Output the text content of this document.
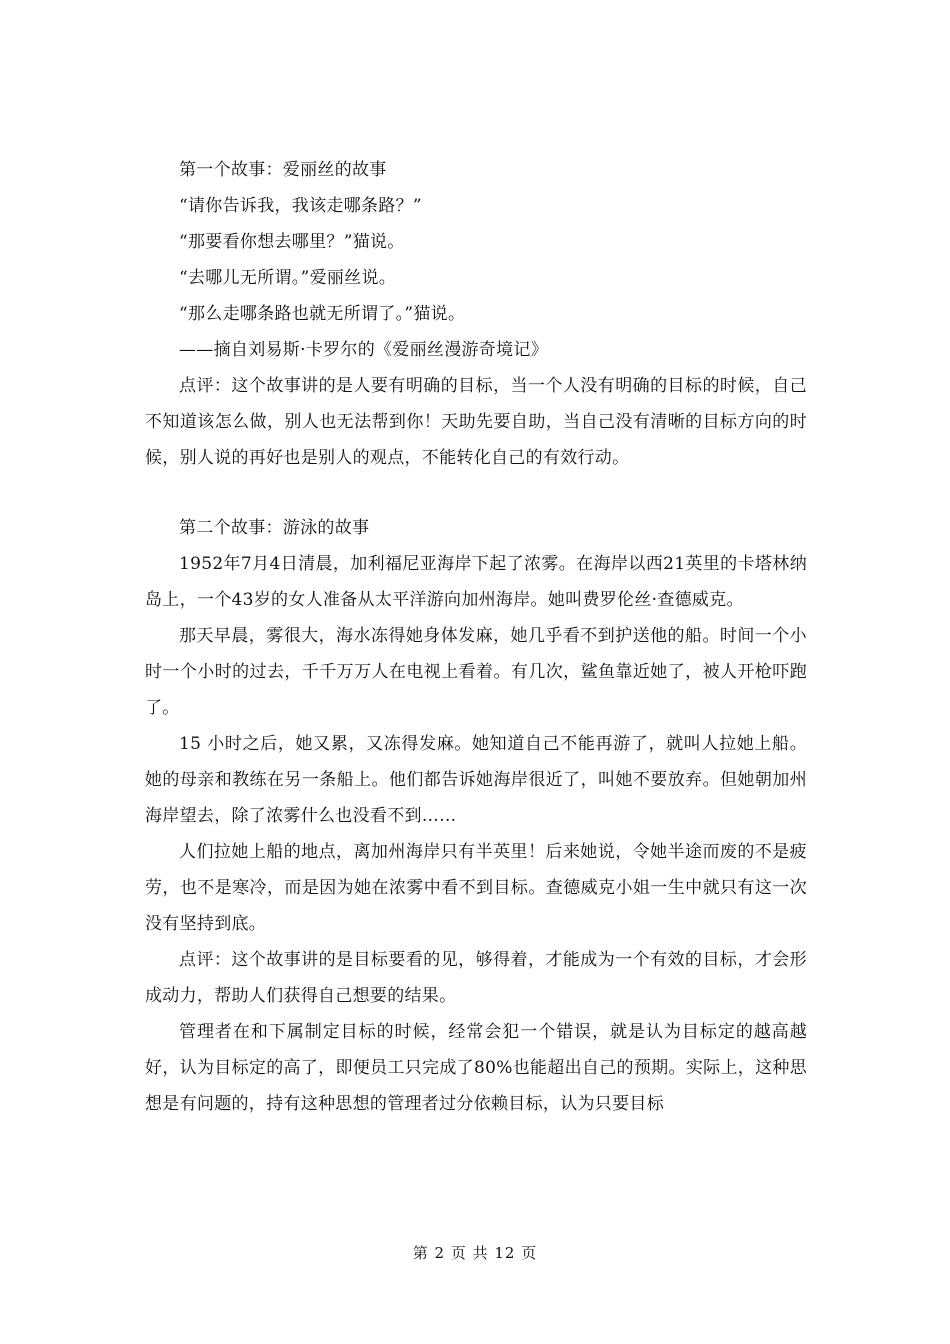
第一个故事：爱丽丝的故事

“请你告诉我，我该走哪条路？”

“那要看你想去哪里？”猫说。

“去哪儿无所谓。”爱丽丝说。

“那么走哪条路也就无所谓了。”猫说。

——摘自刘易斯·卡罗尔的《爱丽丝漫游奇境记》

点评：这个故事讲的是人要有明确的目标，当一个人没有明确的目标的时候，自己不知道该怎么做，别人也无法帮到你！天助先要自助，当自己没有清晰的目标方向的时候，别人说的再好也是别人的观点，不能转化自己的有效行动。

第二个故事：游泳的故事

1952年7月4日清晨，加利福尼亚海岸下起了浓雾。在海岸以西21英里的卡塔林纳岛上，一个43岁的女人准备从太平洋游向加州海岸。她叫费罗伦丝·查德威克。

那天早晨，雾很大，海水冻得她身体发麻，她几乎看不到护送他的船。时间一个小时一个小时的过去，千千万万人在电视上看着。有几次，鲨鱼靠近她了，被人开枪吓跑了。

15 小时之后，她又累，又冻得发麻。她知道自己不能再游了，就叫人拉她上船。她的母亲和教练在另一条船上。他们都告诉她海岸很近了，叫她不要放弃。但她朝加州海岸望去，除了浓雾什么也没看不到……

人们拉她上船的地点，离加州海岸只有半英里！后来她说，令她半途而废的不是疲劳，也不是寒冷，而是因为她在浓雾中看不到目标。查德威克小姐一生中就只有这一次没有坚持到底。

点评：这个故事讲的是目标要看的见，够得着，才能成为一个有效的目标，才会形成动力，帮助人们获得自己想要的结果。

管理者在和下属制定目标的时候，经常会犯一个错误，就是认为目标定的越高越好，认为目标定的高了，即便员工只完成了80%也能超出自己的预期。实际上，这种思想是有问题的，持有这种思想的管理者过分依赖目标，认为只要目标

第 2 页 共 12 页
